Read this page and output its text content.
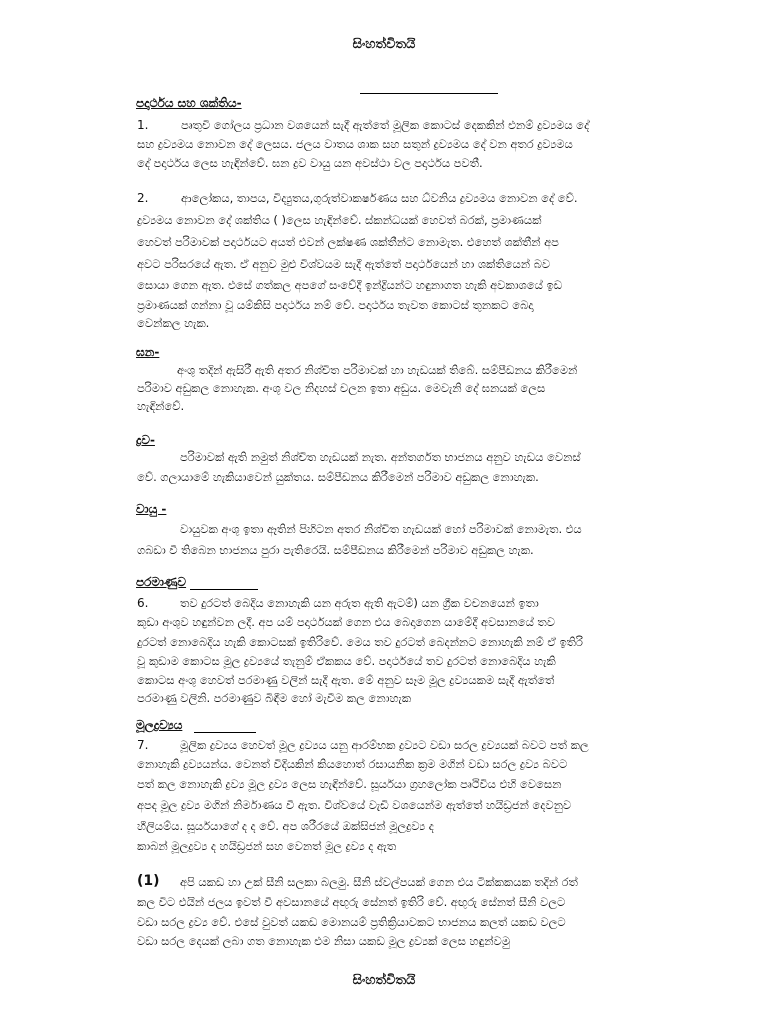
සිංහත්විතයි
පදාර්ථය සහ ශක්තිය-
1.	පෘතුවි ගෝලය ප්‍රධාන වශයෙන් සැදී ඇත්තේ මූලික කොටස් දෙකකින් එනම් ද්‍රව්‍යමය දේ
සහ ද්‍රව්‍යමය නොවන දේ ලෙසය. ජලය වාතය ශාක සහ සතුන් ද්‍රව්‍යමය දේ වන අතර ද්‍රව්‍යමය
දේ පදාර්ථය ලෙස හැඳින්වේ. ඝන ද්‍රව වායු යන අවස්ථා වල පදාර්ථය පවතී.
2.	ආලෝකය, තාපය, විද්‍යුතය,ගුරුත්වාකර්ෂණය සහ ධ්වනිය ද්‍රව්‍යමය නොවන දේ වේ.
ද්‍රව්‍යමය නොවන දේ ශක්තිය ( )ලෙස හැඳින්වේ. ස්කන්ධයක් හෙවත් බරක්, ප්‍රමාණයක්
හෙවත් පරිමාවක් පදාර්ථයට අයත් එවන් ලක්ෂණ ශක්තීන්ට නොමැත. එහෙත් ශක්තීන් අප
අවට පරිසරයේ ඇත. ඒ අනුව මුළු විශ්වයම සැදී ඇත්තේ පදාර්ථයෙන් හා ශක්තියෙන් බව
සොයා ගෙන ඇත. එසේ ගත්කල අපගේ සංවේදී ඉන්ද්‍රියන්ට හඳුනාගත හැකි අවකාශයේ ඉඩ
ප්‍රමාණයක් ගන්නා වූ යම්කිසි පදාර්ථය නම් වේ. පදාර්ථය තැවත කොටස් තුනකට බෙදා
වෙන්කල හැක.
ඝන-
අංශු තදින් ඇසිරී ඇති අතර නිශ්චිත පරිමාවක් හා හැඩයක් තිබේ. සම්පීඩනය කිරීමෙන්
පරිමාව අඩුකල නොහැක. අංශු වල නිදහස් චලන ඉතා අඩුය. මෙවැනි දේ ඝනයක් ලෙස
හැඳින්වේ.
ද්‍රව-
පරිමාවක් ඇති නමුත් නිශ්චිත හැඩයක් නැත. අන්තර්ගත භාජනය අනුව හැඩය වෙනස්
වේ. ගලායාමේ හැකියාවෙන් යුක්තය. සම්පීඩනය කිරීමෙන් පරිමාව අඩුකල නොහැක.
වායු -
වායුවක අංශු ඉතා ඈතින් පිහිටන අතර නිශ්චිත හැඩයක් හෝ පරිමාවක් නොමැත. එය
ගබඩා වී තිබෙන භාජනය පුරා පැතිරෙයි. සම්පීඩනය කිරීමෙන් පරිමාව අඩුකල හැක.
පරමාණුව
6.	තව දුරටත් බෙදිය නොහැකි යන අරුත ඇති ඇටම්) යන ග්‍රීක වචනයෙන් ඉතා
කුඩා අංශුව හඳුන්වන ලදී. අප යම් පදාර්ථයක් ගෙන එය බෙදාගෙන යාමේදී අවසානයේ තව
දුරටත් නොබෙදිය හැකි කොටසක් ඉතිරිවේ. මෙය තව දුරටත් බෙදන්නට නොහැකි නම් ඒ ඉතිරි
වූ කුඩාම කොටස මූල ද්‍රව්‍යයේ තැනුම් ඒකකය වේ. පදාර්ථයේ තව දුරටත් නොබෙදිය හැකි
කොටස අංශු හෙවත් පරමාණු වලින් සැදී ඇත. මේ අනුව සෑම මූල ද්‍රව්‍යයකම සැදී ඇත්තේ
පරමාණු වලිනි. පරමාණුව බිඳීම හෝ මැවීම කල නොහැක
මූලද්‍රව්‍යය
7.	මූලික ද්‍රව්‍යය හෙවත් මූල ද්‍රව්‍යය යනු ආරම්භක ද්‍රව්‍යට වඩා සරල ද්‍රව්‍යයක් බවට පත් කල
නොහැකි ද්‍රව්‍යයන්ය. වෙනත් විදියකින් කියහොත් රසායනික ක්‍රම මගින් වඩා සරල ද්‍රව්‍ය බවට
පත් කල නොහැකි ද්‍රව්‍ය මූල ද්‍රව්‍ය ලෙස හැඳින්වේ. සූර්යයා ග්‍රහලෝක පෘථිවිය එහි වෙසෙන
අපද මූල ද්‍රව්‍ය මගින් නිර්මාණය වී ඇත. විශ්වයේ වැඩි වශයෙන්ම ඇත්තේ හයිඩ්‍රජන් දෙවනුව
හීලියම්ය. සූර්යයාගේ ද ද වේ. අප ශරීරයේ ඔක්සිජන් මූලද්‍රව්‍ය ද
කාබන් මූලද්‍රව්‍ය ද හයිඩ්‍රජන් සහ වෙනත් මූල ද්‍රව්‍ය ද ඇත
(1) අපි යකඩ හා උක් සීනි සලකා බලමු. සීනි ස්වල්පයක් ගෙන එය ටික්කකයක තදින් රත්
කල විට එයින් ජලය ඉවත් වී අවසානයේ අඟුරු සේනත් ඉතිරි වේ. අඟුරු සේනත් සීනි වලට
වඩා සරල ද්‍රව්‍ය වේ. එසේ වුවත් යකඩ මොනයම් ප්‍රතික්‍රියාවකට භාජනය කලත් යකඩ වලට
වඩා සරල දෙයක් ලබා ගත නොහැක එම නිසා යකඩ මූල ද්‍රව්‍යක් ලෙස හඳුන්වමු
සිංහත්විතයි
